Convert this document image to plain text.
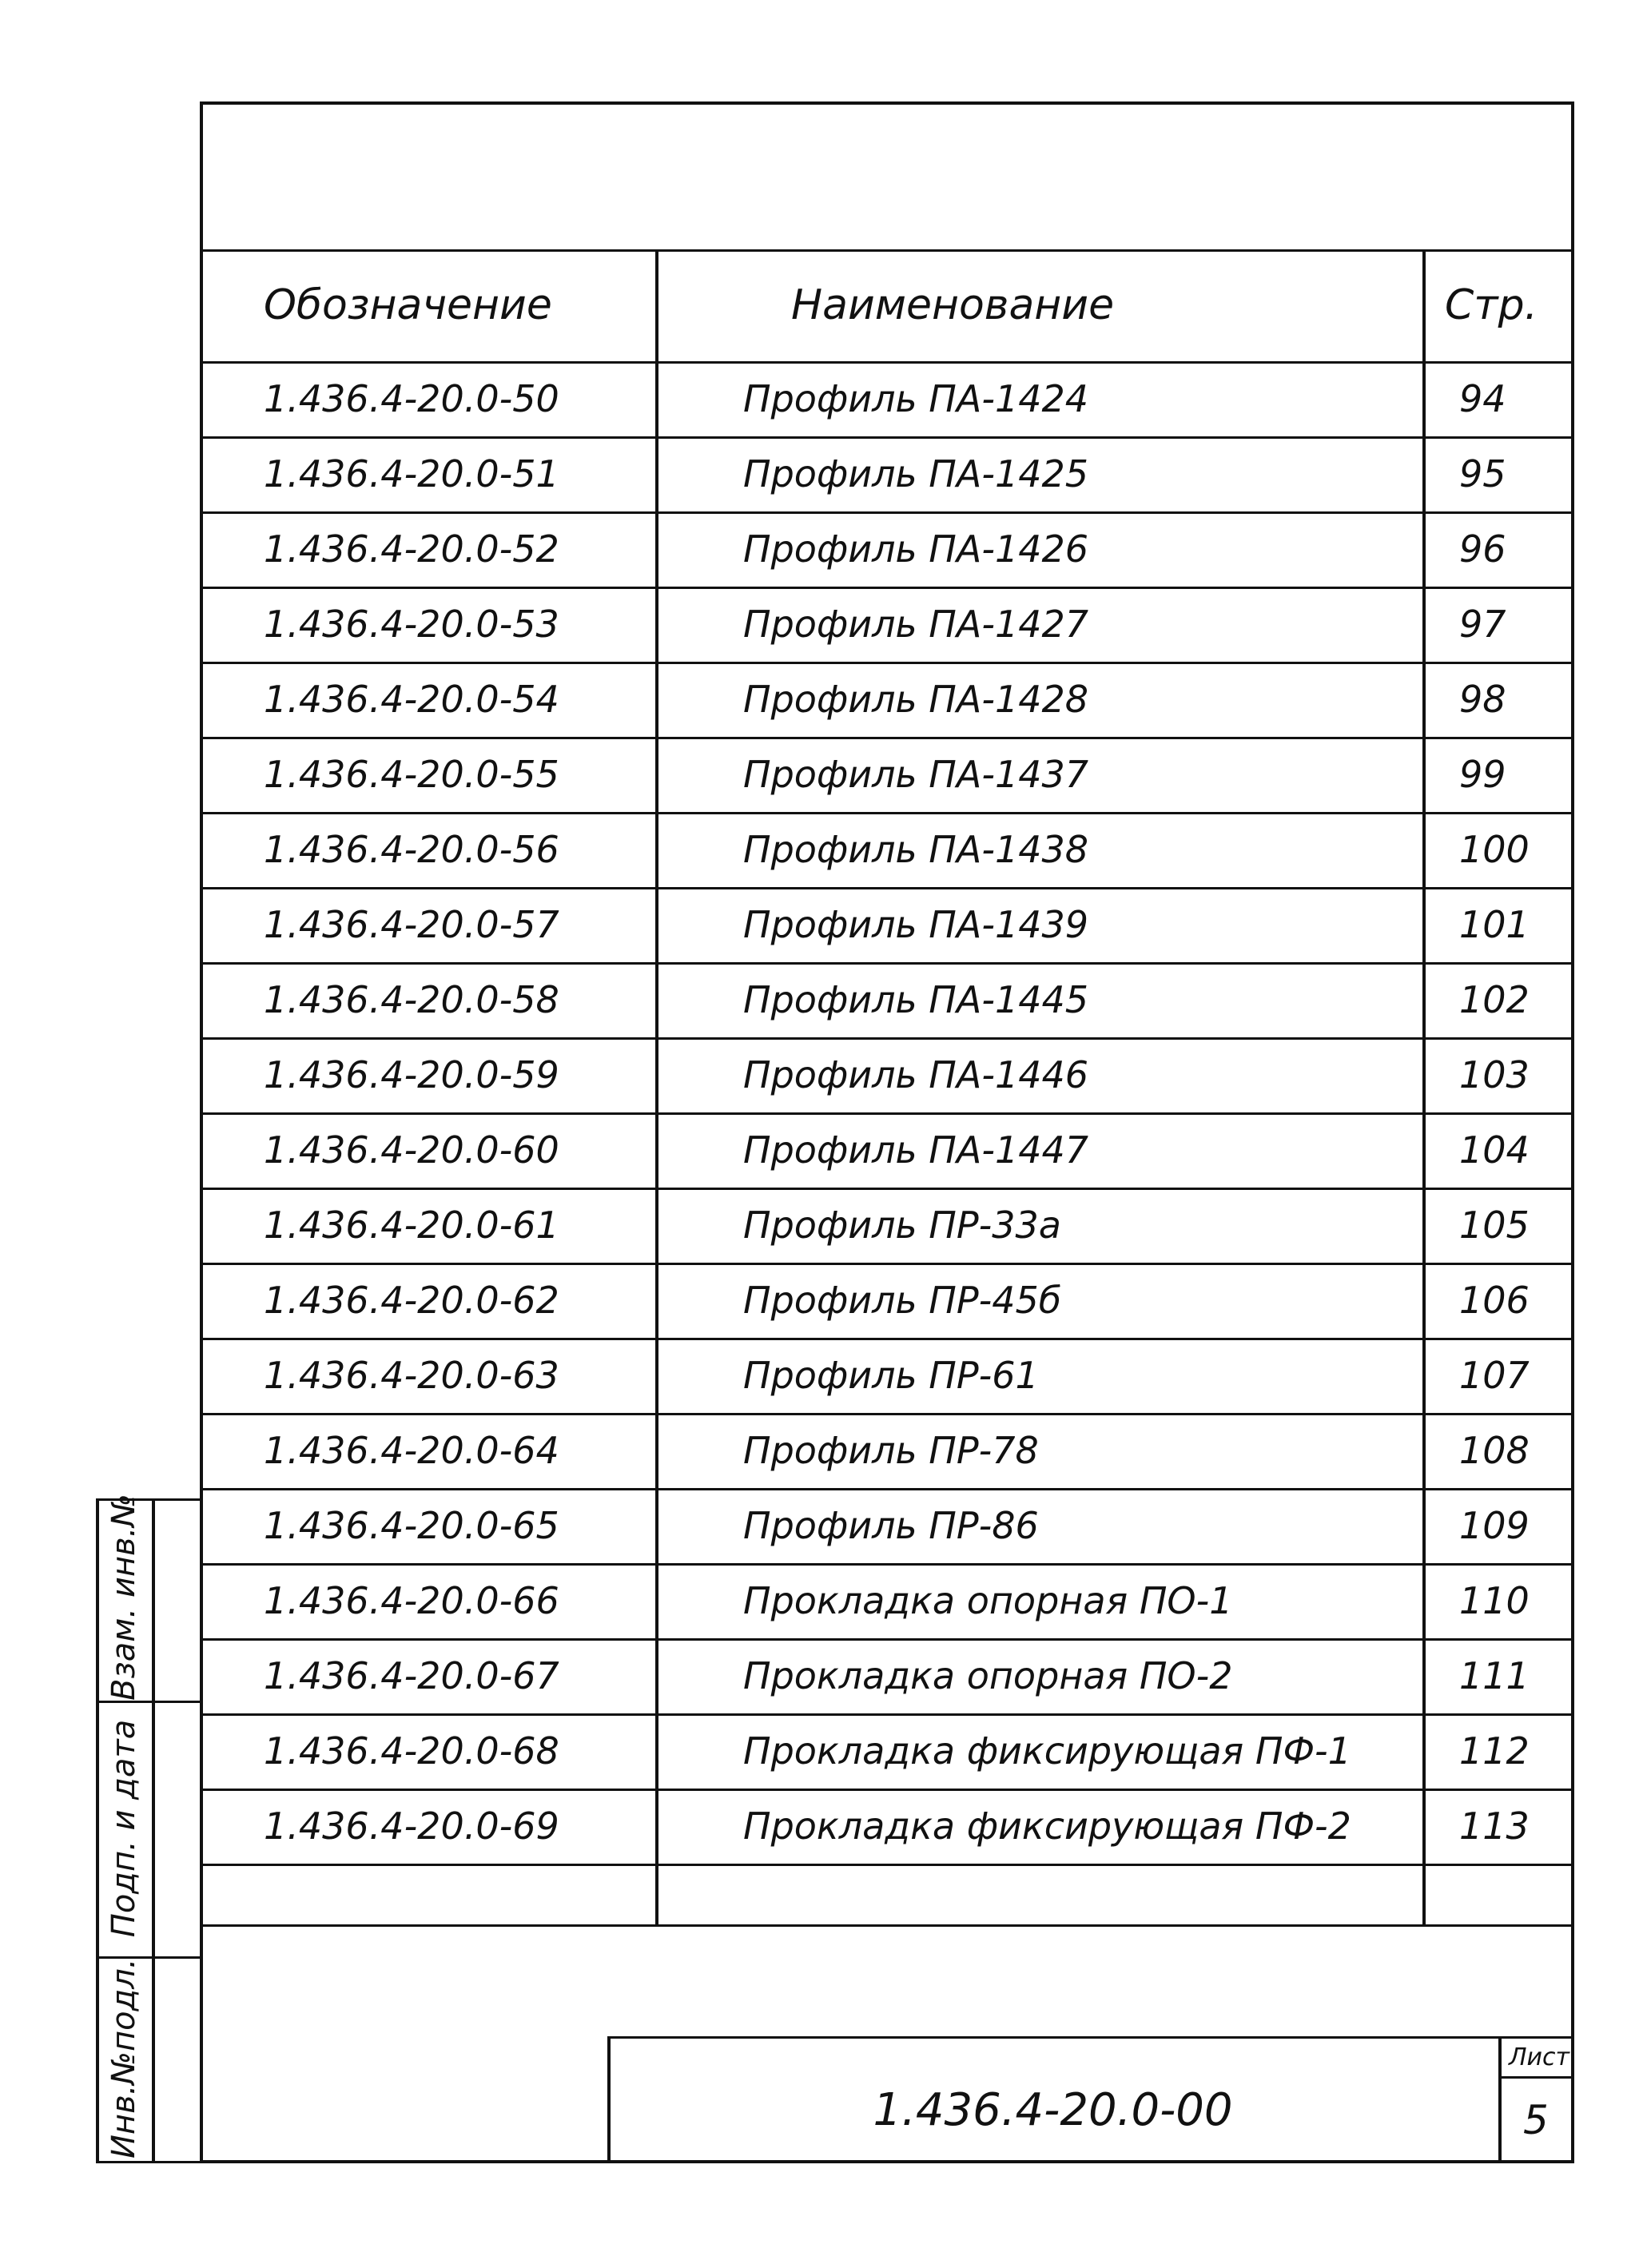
Обозначение	Наименование	Стр.
1.436.4-20.0-50	Профиль ПА-1424	94
1.436.4-20.0-51	Профиль ПА-1425	95
1.436.4-20.0-52	Профиль ПА-1426	96
1.436.4-20.0-53	Профиль ПА-1427	97
1.436.4-20.0-54	Профиль ПА-1428	98
1.436.4-20.0-55	Профиль ПА-1437	99
1.436.4-20.0-56	Профиль ПА-1438	100
1.436.4-20.0-57	Профиль ПА-1439	101
1.436.4-20.0-58	Профиль ПА-1445	102
1.436.4-20.0-59	Профиль ПА-1446	103
1.436.4-20.0-60	Профиль ПА-1447	104
1.436.4-20.0-61	Профиль ПР-33а	105
1.436.4-20.0-62	Профиль ПР-45б	106
1.436.4-20.0-63	Профиль ПР-61	107
1.436.4-20.0-64	Профиль ПР-78	108
1.436.4-20.0-65	Профиль ПР-86	109
1.436.4-20.0-66	Прокладка опорная ПО-1	110
1.436.4-20.0-67	Прокладка опорная ПО-2	111
1.436.4-20.0-68	Прокладка фиксирующая ПФ-1	112
1.436.4-20.0-69	Прокладка фиксирующая ПФ-2	113
Взам. инв.№
Подп. и дата
Инв.№подл.	1.436.4-20.0-00
Лист
5
